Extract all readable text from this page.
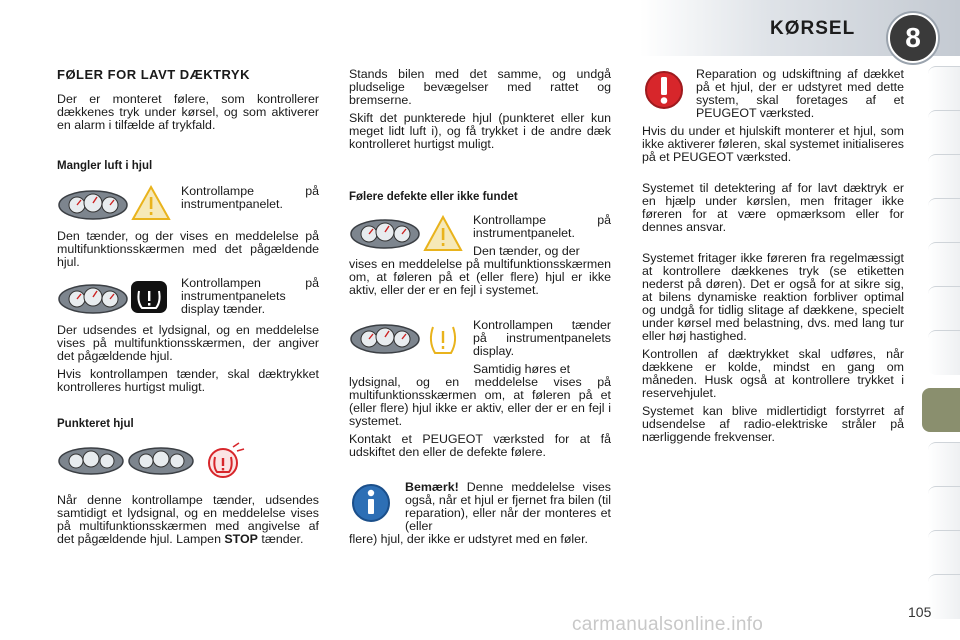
KØRSEL	8
FØLER FOR LAVT DÆKTRYK

Der er monteret følere, som kontrollerer dækkenes tryk under kørsel, og som aktiverer en alarm i tilfælde af trykfald.

Mangler luft i hjul

Kontrollampe på instrumentpanelet.

Den tænder, og der vises en meddelelse på multifunktionsskærmen med det pågældende hjul.

Kontrollampen på instrumentpanelets display tænder.

Der udsendes et lydsignal, og en meddelelse vises på multifunktionsskærmen, der angiver det pågældende hjul.

Hvis kontrollampen tænder, skal dæktrykket kontrolleres hurtigst muligt.

Punkteret hjul

Når denne kontrollampe tænder, udsendes samtidigt et lydsignal, og en meddelelse vises på multifunktionsskærmen med angivelse af det pågældende hjul. Lampen STOP tænder.

Stands bilen med det samme, og undgå pludselige bevægelser med rattet og bremserne.

Skift det punkterede hjul (punkteret eller kun meget lidt luft i), og få trykket i de andre dæk kontrolleret hurtigst muligt.

Følere defekte eller ikke fundet

Kontrollampe på instrumentpanelet.

Den tænder, og der

vises en meddelelse på multifunktionsskærmen om, at føleren på et (eller flere) hjul er ikke aktiv, eller der er en fejl i systemet.

Kontrollampen tænder på instrumentpanelets display.

Samtidig høres et

lydsignal, og en meddelelse vises på multifunktionsskærmen om, at føleren på et (eller flere) hjul ikke er aktiv, eller der er en fejl i systemet.

Kontakt et PEUGEOT værksted for at få udskiftet den eller de defekte følere.

Bemærk! Denne meddelelse vises også, når et hjul er fjernet fra bilen (til reparation), eller når der monteres et (eller

flere) hjul, der ikke er udstyret med en føler.

Reparation og udskiftning af dækket på et hjul, der er udstyret med dette system, skal foretages af et PEUGEOT værksted.

Hvis du under et hjulskift monterer et hjul, som ikke aktiverer føleren, skal systemet initialiseres på et PEUGEOT værksted.

Systemet til detektering af for lavt dæktryk er en hjælp under kørslen, men fritager ikke føreren for at være opmærksom eller for dennes ansvar.

Systemet fritager ikke føreren fra regelmæssigt at kontrollere dækkenes tryk (se etiketten nederst på døren). Det er også for at sikre sig, at bilens dynamiske reaktion forbliver optimal og undgå for tidlig slitage af dækkene, specielt under kørsel med belastning, dvs. med lang tur eller høj hastighed.

Kontrollen af dæktrykket skal udføres, når dækkene er kolde, mindst en gang om måneden. Husk også at kontrollere trykket i reservehjulet.

Systemet kan blive midlertidigt forstyrret af udsendelse af radio-elektriske stråler på nærliggende frekvenser.

carmanualsonline.info
105
